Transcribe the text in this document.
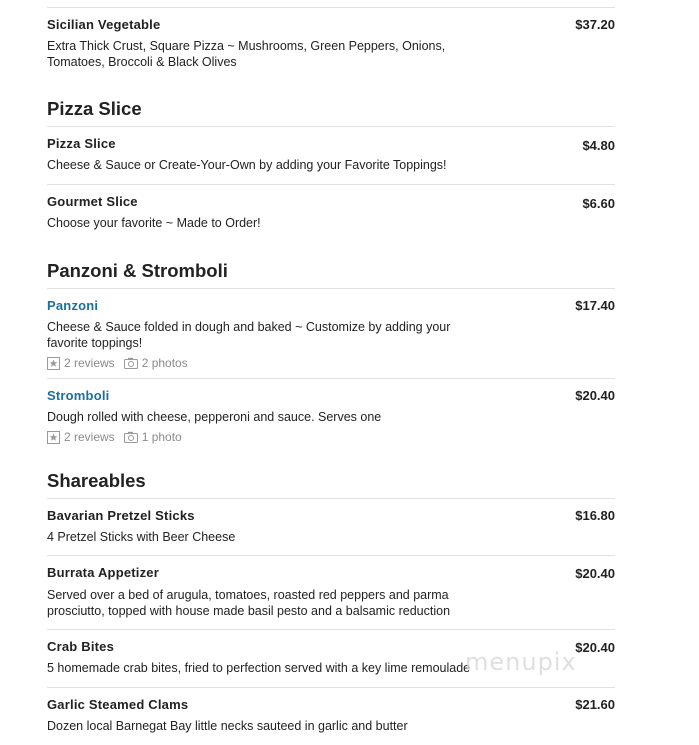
Sicilian Vegetable	$37.20
Extra Thick Crust, Square Pizza ~ Mushrooms, Green Peppers, Onions,
Tomatoes, Broccoli & Black Olives
Pizza Slice
Pizza Slice	$4.80
Cheese & Sauce or Create-Your-Own by adding your Favorite Toppings!
Gourmet Slice	$6.60
Choose your favorite ~ Made to Order!
Panzoni & Stromboli
Panzoni	$17.40
Cheese & Sauce folded in dough and baked ~ Customize by adding your
favorite toppings!
2 reviews 2 photos
Stromboli	$20.40
Dough rolled with cheese, pepperoni and sauce. Serves one
2 reviews 1 photo
Shareables
Bavarian Pretzel Sticks	$16.80
4 Pretzel Sticks with Beer Cheese
Burrata Appetizer	$20.40
Served over a bed of arugula, tomatoes, roasted red peppers and parma
prosciutto, topped with house made basil pesto and a balsamic reduction
Crab Bites	$20.40
5 homemade crab bites, fried to perfection served with a key lime remoulade
Garlic Steamed Clams	$21.60
Dozen local Barnegat Bay little necks sauteed in garlic and butter
menupix
